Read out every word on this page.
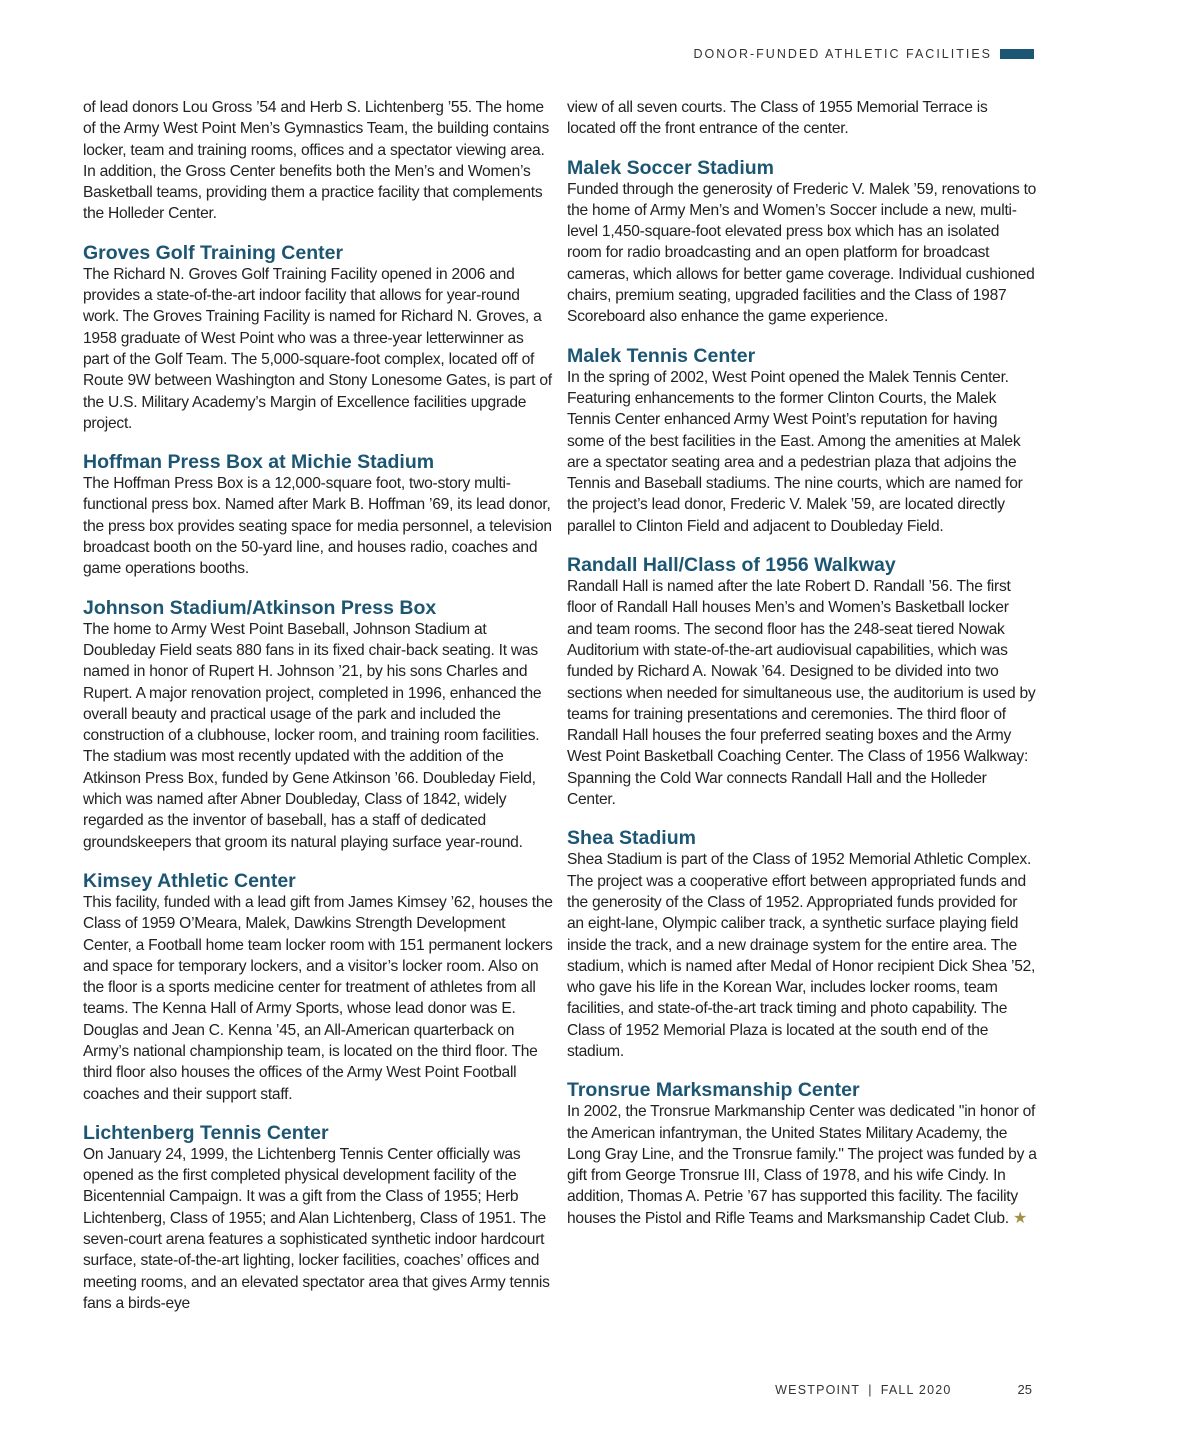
DONOR-FUNDED ATHLETIC FACILITIES

of lead donors Lou Gross ’54 and Herb S. Lichtenberg ’55. The home of the Army West Point Men’s Gymnastics Team, the building contains locker, team and training rooms, offices and a spectator viewing area. In addition, the Gross Center benefits both the Men’s and Women’s Basketball teams, providing them a practice facility that complements the Holleder Center.

Groves Golf Training Center

The Richard N. Groves Golf Training Facility opened in 2006 and provides a state-of-the-art indoor facility that allows for year-round work. The Groves Training Facility is named for Richard N. Groves, a 1958 graduate of West Point who was a three-year letterwinner as part of the Golf Team. The 5,000-square-foot complex, located off of Route 9W between Washington and Stony Lonesome Gates, is part of the U.S. Military Academy’s Margin of Excellence facilities upgrade project.

Hoffman Press Box at Michie Stadium

The Hoffman Press Box is a 12,000-square foot, two-story multi-functional press box. Named after Mark B. Hoffman ’69, its lead donor, the press box provides seating space for media personnel, a television broadcast booth on the 50-yard line, and houses radio, coaches and game operations booths.

Johnson Stadium/Atkinson Press Box

The home to Army West Point Baseball, Johnson Stadium at Doubleday Field seats 880 fans in its fixed chair-back seating. It was named in honor of Rupert H. Johnson ’21, by his sons Charles and Rupert. A major renovation project, completed in 1996, enhanced the overall beauty and practical usage of the park and included the construction of a clubhouse, locker room, and training room facilities. The stadium was most recently updated with the addition of the Atkinson Press Box, funded by Gene Atkinson ’66. Doubleday Field, which was named after Abner Doubleday, Class of 1842, widely regarded as the inventor of baseball, has a staff of dedicated groundskeepers that groom its natural playing surface year-round.

Kimsey Athletic Center

This facility, funded with a lead gift from James Kimsey ’62, houses the Class of 1959 O’Meara, Malek, Dawkins Strength Development Center, a Football home team locker room with 151 permanent lockers and space for temporary lockers, and a visitor’s locker room. Also on the floor is a sports medicine center for treatment of athletes from all teams. The Kenna Hall of Army Sports, whose lead donor was E. Douglas and Jean C. Kenna ’45, an All-American quarterback on Army’s national championship team, is located on the third floor. The third floor also houses the offices of the Army West Point Football coaches and their support staff.

Lichtenberg Tennis Center

On January 24, 1999, the Lichtenberg Tennis Center officially was opened as the first completed physical development facility of the Bicentennial Campaign. It was a gift from the Class of 1955; Herb Lichtenberg, Class of 1955; and Alan Lichtenberg, Class of 1951. The seven-court arena features a sophisticated synthetic indoor hardcourt surface, state-of-the-art lighting, locker facilities, coaches’ offices and meeting rooms, and an elevated spectator area that gives Army tennis fans a birds-eye

view of all seven courts. The Class of 1955 Memorial Terrace is located off the front entrance of the center.

Malek Soccer Stadium

Funded through the generosity of Frederic V. Malek ’59, renovations to the home of Army Men’s and Women’s Soccer include a new, multi-level 1,450-square-foot elevated press box which has an isolated room for radio broadcasting and an open platform for broadcast cameras, which allows for better game coverage. Individual cushioned chairs, premium seating, upgraded facilities and the Class of 1987 Scoreboard also enhance the game experience.

Malek Tennis Center

In the spring of 2002, West Point opened the Malek Tennis Center. Featuring enhancements to the former Clinton Courts, the Malek Tennis Center enhanced Army West Point’s reputation for having some of the best facilities in the East. Among the amenities at Malek are a spectator seating area and a pedestrian plaza that adjoins the Tennis and Baseball stadiums. The nine courts, which are named for the project’s lead donor, Frederic V. Malek ’59, are located directly parallel to Clinton Field and adjacent to Doubleday Field.

Randall Hall/Class of 1956 Walkway

Randall Hall is named after the late Robert D. Randall ’56. The first floor of Randall Hall houses Men’s and Women’s Basketball locker and team rooms. The second floor has the 248-seat tiered Nowak Auditorium with state-of-the-art audiovisual capabilities, which was funded by Richard A. Nowak ’64. Designed to be divided into two sections when needed for simultaneous use, the auditorium is used by teams for training presentations and ceremonies. The third floor of Randall Hall houses the four preferred seating boxes and the Army West Point Basketball Coaching Center. The Class of 1956 Walkway: Spanning the Cold War connects Randall Hall and the Holleder Center.

Shea Stadium

Shea Stadium is part of the Class of 1952 Memorial Athletic Complex. The project was a cooperative effort between appropriated funds and the generosity of the Class of 1952. Appropriated funds provided for an eight-lane, Olympic caliber track, a synthetic surface playing field inside the track, and a new drainage system for the entire area. The stadium, which is named after Medal of Honor recipient Dick Shea ’52, who gave his life in the Korean War, includes locker rooms, team facilities, and state-of-the-art track timing and photo capability. The Class of 1952 Memorial Plaza is located at the south end of the stadium.

Tronsrue Marksmanship Center

In 2002, the Tronsrue Markmanship Center was dedicated "in honor of the American infantryman, the United States Military Academy, the Long Gray Line, and the Tronsrue family." The project was funded by a gift from George Tronsrue III, Class of 1978, and his wife Cindy. In addition, Thomas A. Petrie ’67 has supported this facility. The facility houses the Pistol and Rifle Teams and Marksmanship Cadet Club. ★

WESTPOINT | FALL 2020	25
